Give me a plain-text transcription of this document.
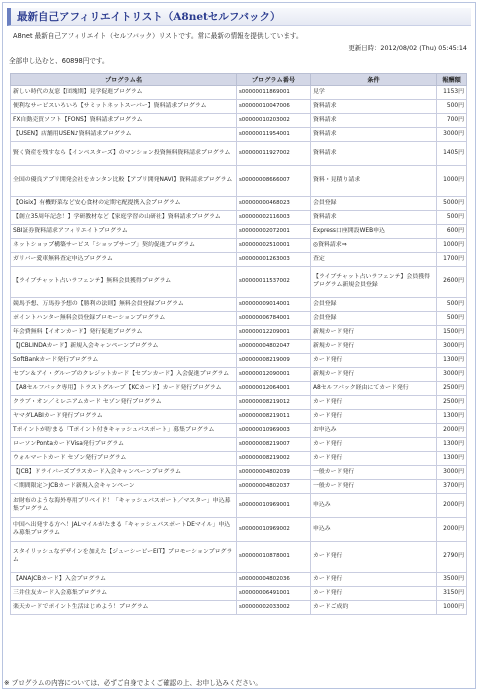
最新自己アフィリエイトリスト（A8netセルフバック）
A8net 最新自己アフィリエイト（セルフバック）リストです。常に最新の情報を提供しています。
更新日時：2012/08/02 (Thu) 05:45:14
全部申し込むと、60898円です。
プログラム名	プログラム番号	条件	報酬額
新しい時代の友窓【団塊期】見学促進プログラム	s00000011869001	見学	1153円
便利なサービスいろいろ【サミットネットスーパー】資料請求プログラム	s00000010047006	資料請求	500円
FX自動売買ソフト【FONS】資料請求プログラム	s00000010203002	資料請求	700円
【USEN】店舗用USEN♪資料請求プログラム	s00000011954001	資料請求	3000円
賢く資産を残すなら【インベスターズ】のマンション投資無料資料請求プログラム	s00000011927002	資料請求	1405円
全国の優良アプリ開発会社をカンタン比較【アプリ開発NAVI】資料請求プログラム	s00000008666007	資料・見積り請求	1000円
【Oisix】有機野菜など安心食材の定期宅配提携入会プログラム	s00000000468023	会員登録	5000円
【創立35周年記念！】学研教材など【家庭学習の山研社】資料請求プログラム	s00000002116003	資料請求	500円
SBI証券資料請求アフィリエイトプログラム	s00000002072001	Express口座開設WEB申込	600円
ネットショップ構築サービス「ショップサーブ」契約促進プログラム	s00000002510001	◎資料請求⇒	1000円
ガリバー愛車無料査定申込プログラム	s00000001263003	査定	1700円
【ライブチャット占いラフェンテ】無料会員獲得プログラム	s00000011537002	【ライブチャット占いラフェンテ】会員獲得プログラム新規会員登録	2600円
競馬予想、万馬券予想の【勝利の法則】無料会員登録プログラム	s00000009014001	会員登録	500円
ポイントハンター無料会員登録プロモーションプログラム	s00000006784001	会員登録	500円
年会費無料【イオンカード】発行促進プログラム	s00000012209001	新規カード発行	1500円
【JCBLINDAカード】新規入会キャンペーンプログラム	s00000004802047	新規カード発行	3000円
SoftBankカード発行プログラム	s00000008219009	カード発行	1300円
セブン＆アイ・グループのクレジットカード【セブンカード】入会促進プログラム	s00000012090001	新規カード発行	3000円
【A8セルフバック専用】トラストグループ【KCカード】カード発行プログラム	s00000012064001	A8セルフバック経由にてカード発行	2500円
クラブ・オン／ミレニアムカード セゾン発行プログラム	s00000008219012	カード発行	2500円
ヤマダLABIカード発行プログラム	s00000008219011	カード発行	1300円
Tポイントが貯まる「Tポイント付きキャッシュパスポート」募集プログラム	s00000010969003	お申込み	2000円
ローソンPontaカードVisa発行プログラム	s00000008219007	カード発行	1300円
ウォルマートカード セゾン発行プログラム	s00000008219002	カード発行	1300円
【JCB】ドライバーズプラスカード入会キャンペーンプログラム	s00000004802039	一般カード発行	3000円
＜期間限定＞JCBカード新規入会キャンペーン	s00000004802037	一般カード発行	3700円
お財布のような海外専用プリペイド！「キャッシュパスポート／マスター」申込募集プログラム	s00000010969001	申込み	2000円
中国へ出発する方へ！JALマイルがたまる「キャッシュパスポートDEマイル」申込み募集プログラム	s00000010969002	申込み	2000円
スタイリッシュなデザインを加えた【ジューシービーEIT】プロモーションプログラム	s00000010878001	カード発行	2790円
【ANAJCBカード】入会プログラム	s00000004802036	カード発行	3500円
三井住友カード入会募集プログラム	s00000006491001	カード発行	3150円
楽天カードでポイント生活はじめよう！プログラム	s00000002033002	カードご成約	1000円
※ プログラムの内容については、必ずご自身でよくご確認の上、お申し込みください。
